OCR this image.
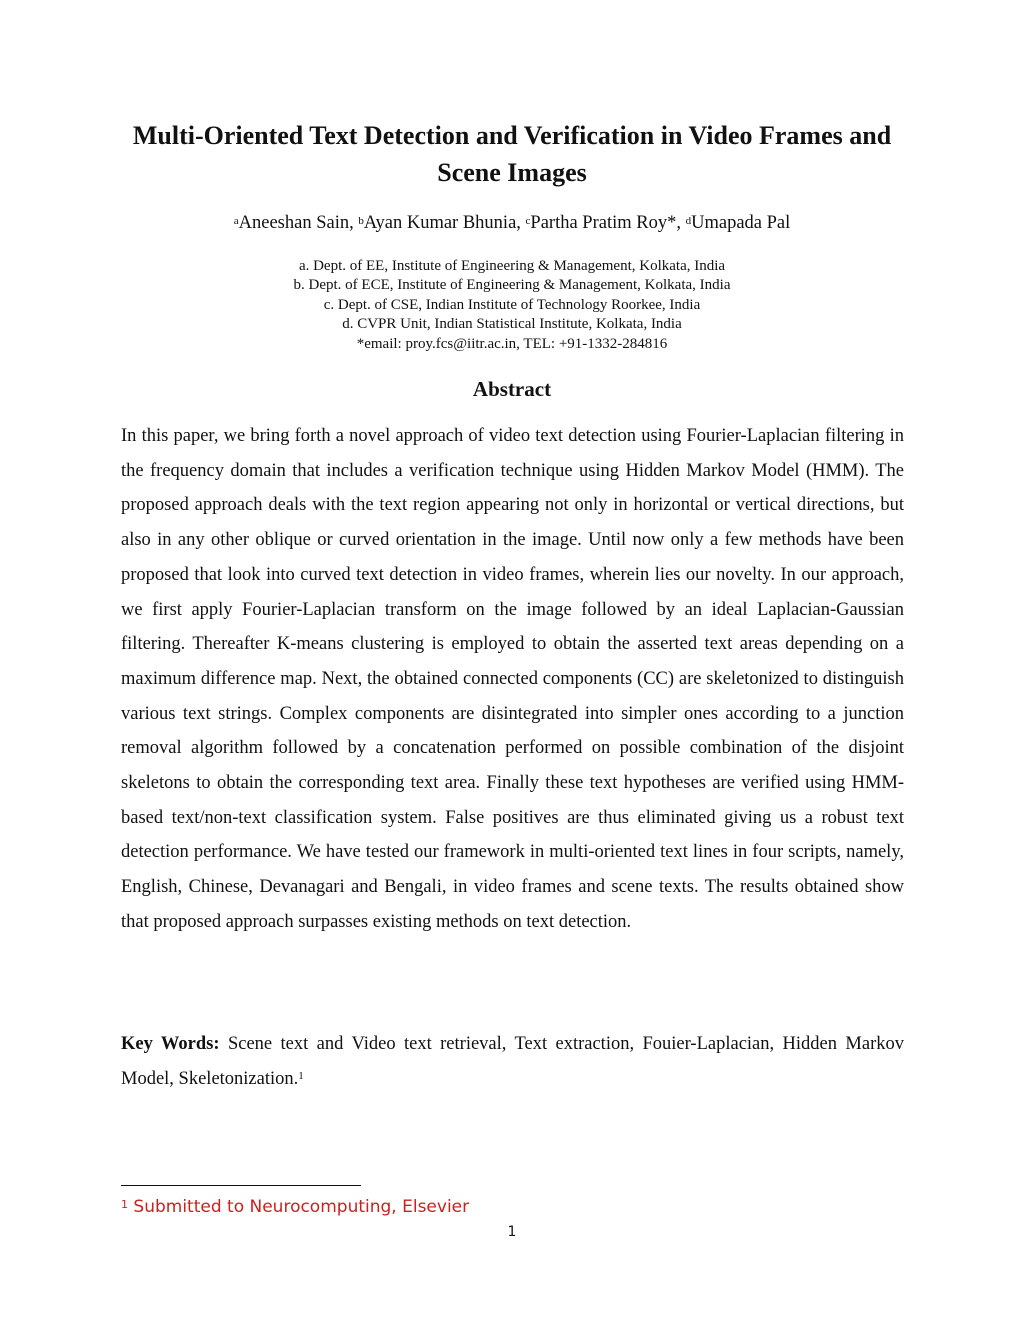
Multi-Oriented Text Detection and Verification in Video Frames and Scene Images

$^a$Aneeshan Sain, $^b$Ayan Kumar Bhunia, $^c$Partha Pratim Roy*, $^d$Umapada Pal

a. Dept. of EE, Institute of Engineering & Management, Kolkata, India
b. Dept. of ECE, Institute of Engineering & Management, Kolkata, India
c. Dept. of CSE, Indian Institute of Technology Roorkee, India
d. CVPR Unit, Indian Statistical Institute, Kolkata, India
*email: proy.fcs@iitr.ac.in, TEL: +91-1332-284816
Abstract

In this paper, we bring forth a novel approach of video text detection using Fourier-Laplacian filtering in the frequency domain that includes a verification technique using Hidden Markov Model (HMM). The proposed approach deals with the text region appearing not only in horizontal or vertical directions, but also in any other oblique or curved orientation in the image. Until now only a few methods have been proposed that look into curved text detection in video frames, wherein lies our novelty. In our approach, we first apply Fourier-Laplacian transform on the image followed by an ideal Laplacian-Gaussian filtering. Thereafter K-means clustering is employed to obtain the asserted text areas depending on a maximum difference map. Next, the obtained connected components (CC) are skeletonized to distinguish various text strings. Complex components are disintegrated into simpler ones according to a junction removal algorithm followed by a concatenation performed on possible combination of the disjoint skeletons to obtain the corresponding text area. Finally these text hypotheses are verified using HMM-based text/non-text classification system. False positives are thus eliminated giving us a robust text detection performance. We have tested our framework in multi-oriented text lines in four scripts, namely, English, Chinese, Devanagari and Bengali, in video frames and scene texts. The results obtained show that proposed approach surpasses existing methods on text detection.

Key Words: Scene text and Video text retrieval, Text extraction, Fouier-Laplacian, Hidden Markov Model, Skeletonization.$^1$

$^1$ Submitted to Neurocomputing, Elsevier

1
